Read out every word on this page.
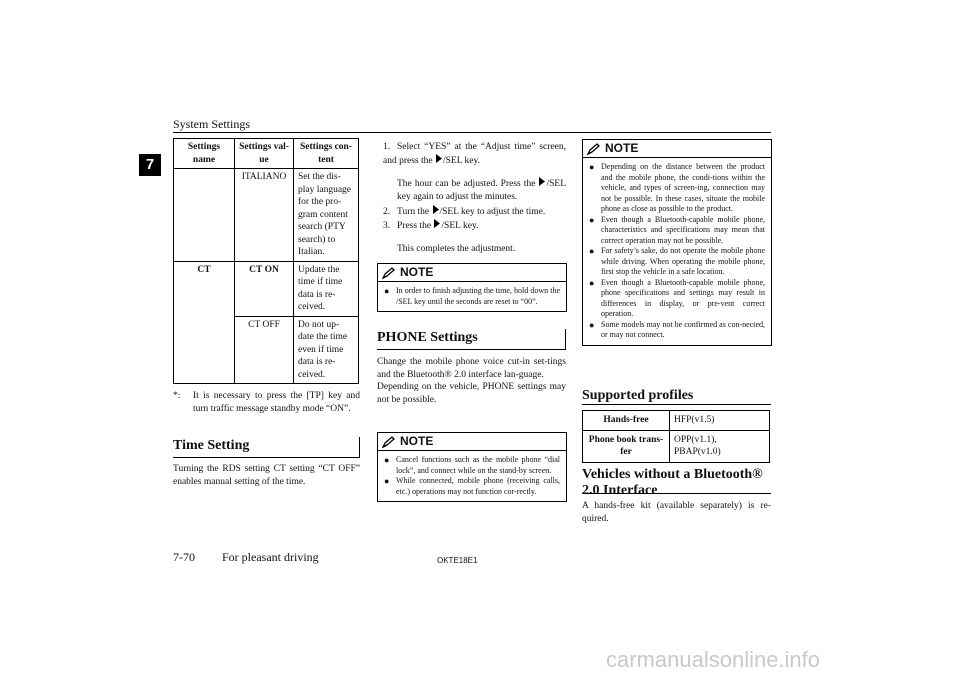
System Settings
7
Settings name	Settings val-ue	Settings con-tent
	ITALIANO	Set the dis-play language for the pro-gram content search (PTY search) to Italian.
CT	CT ON	Update the time if time data is re-ceived.
	CT OFF	Do not up-date the time even if time data is re-ceived.
*:	It is necessary to press the [TP] key and turn traffic message standby mode “ON”.
Time Setting
Turning the RDS setting CT setting “CT OFF” enables manual setting of the time.
1. Select “YES” at the “Adjust time” screen, and press the /SEL key.
The hour can be adjusted. Press the /SEL key again to adjust the minutes.
2. Turn the /SEL key to adjust the time.
3. Press the /SEL key.
This completes the adjustment.
NOTE
● In order to finish adjusting the time, hold down the /SEL key until the seconds are reset to “00”.
PHONE Settings
Change the mobile phone voice cut-in set-tings and the Bluetooth® 2.0 interface lan-guage.
Depending on the vehicle, PHONE settings may not be possible.
NOTE
● Cancel functions such as the mobile phone “dial lock”, and connect while on the stand-by screen.
● While connected, mobile phone (receiving calls, etc.) operations may not function cor-rectly.
NOTE
● Depending on the distance between the product and the mobile phone, the condi-tions within the vehicle, and types of screen-ing, connection may not be possible. In these cases, situate the mobile phone as close as possible to the product.
● Even though a Bluetooth-capable mobile phone, characteristics and specifications may mean that correct operation may not be possible.
● For safety’s sake, do not operate the mobile phone while driving. When operating the mobile phone, first stop the vehicle in a safe location.
● Even though a Bluetooth-capable mobile phone, phone specifications and settings may result in differences in display, or pre-vent correct operation.
● Some models may not be confirmed as con-nected, or may not connect.
Supported profiles
Hands-free	HFP(v1.5)
Phone book trans-fer	OPP(v1.1), PBAP(v1.0)
Vehicles without a Bluetooth® 2.0 Interface
A hands-free kit (available separately) is re-quired.
7-70 For pleasant driving	OKTE18E1
carmanualsonline.info
